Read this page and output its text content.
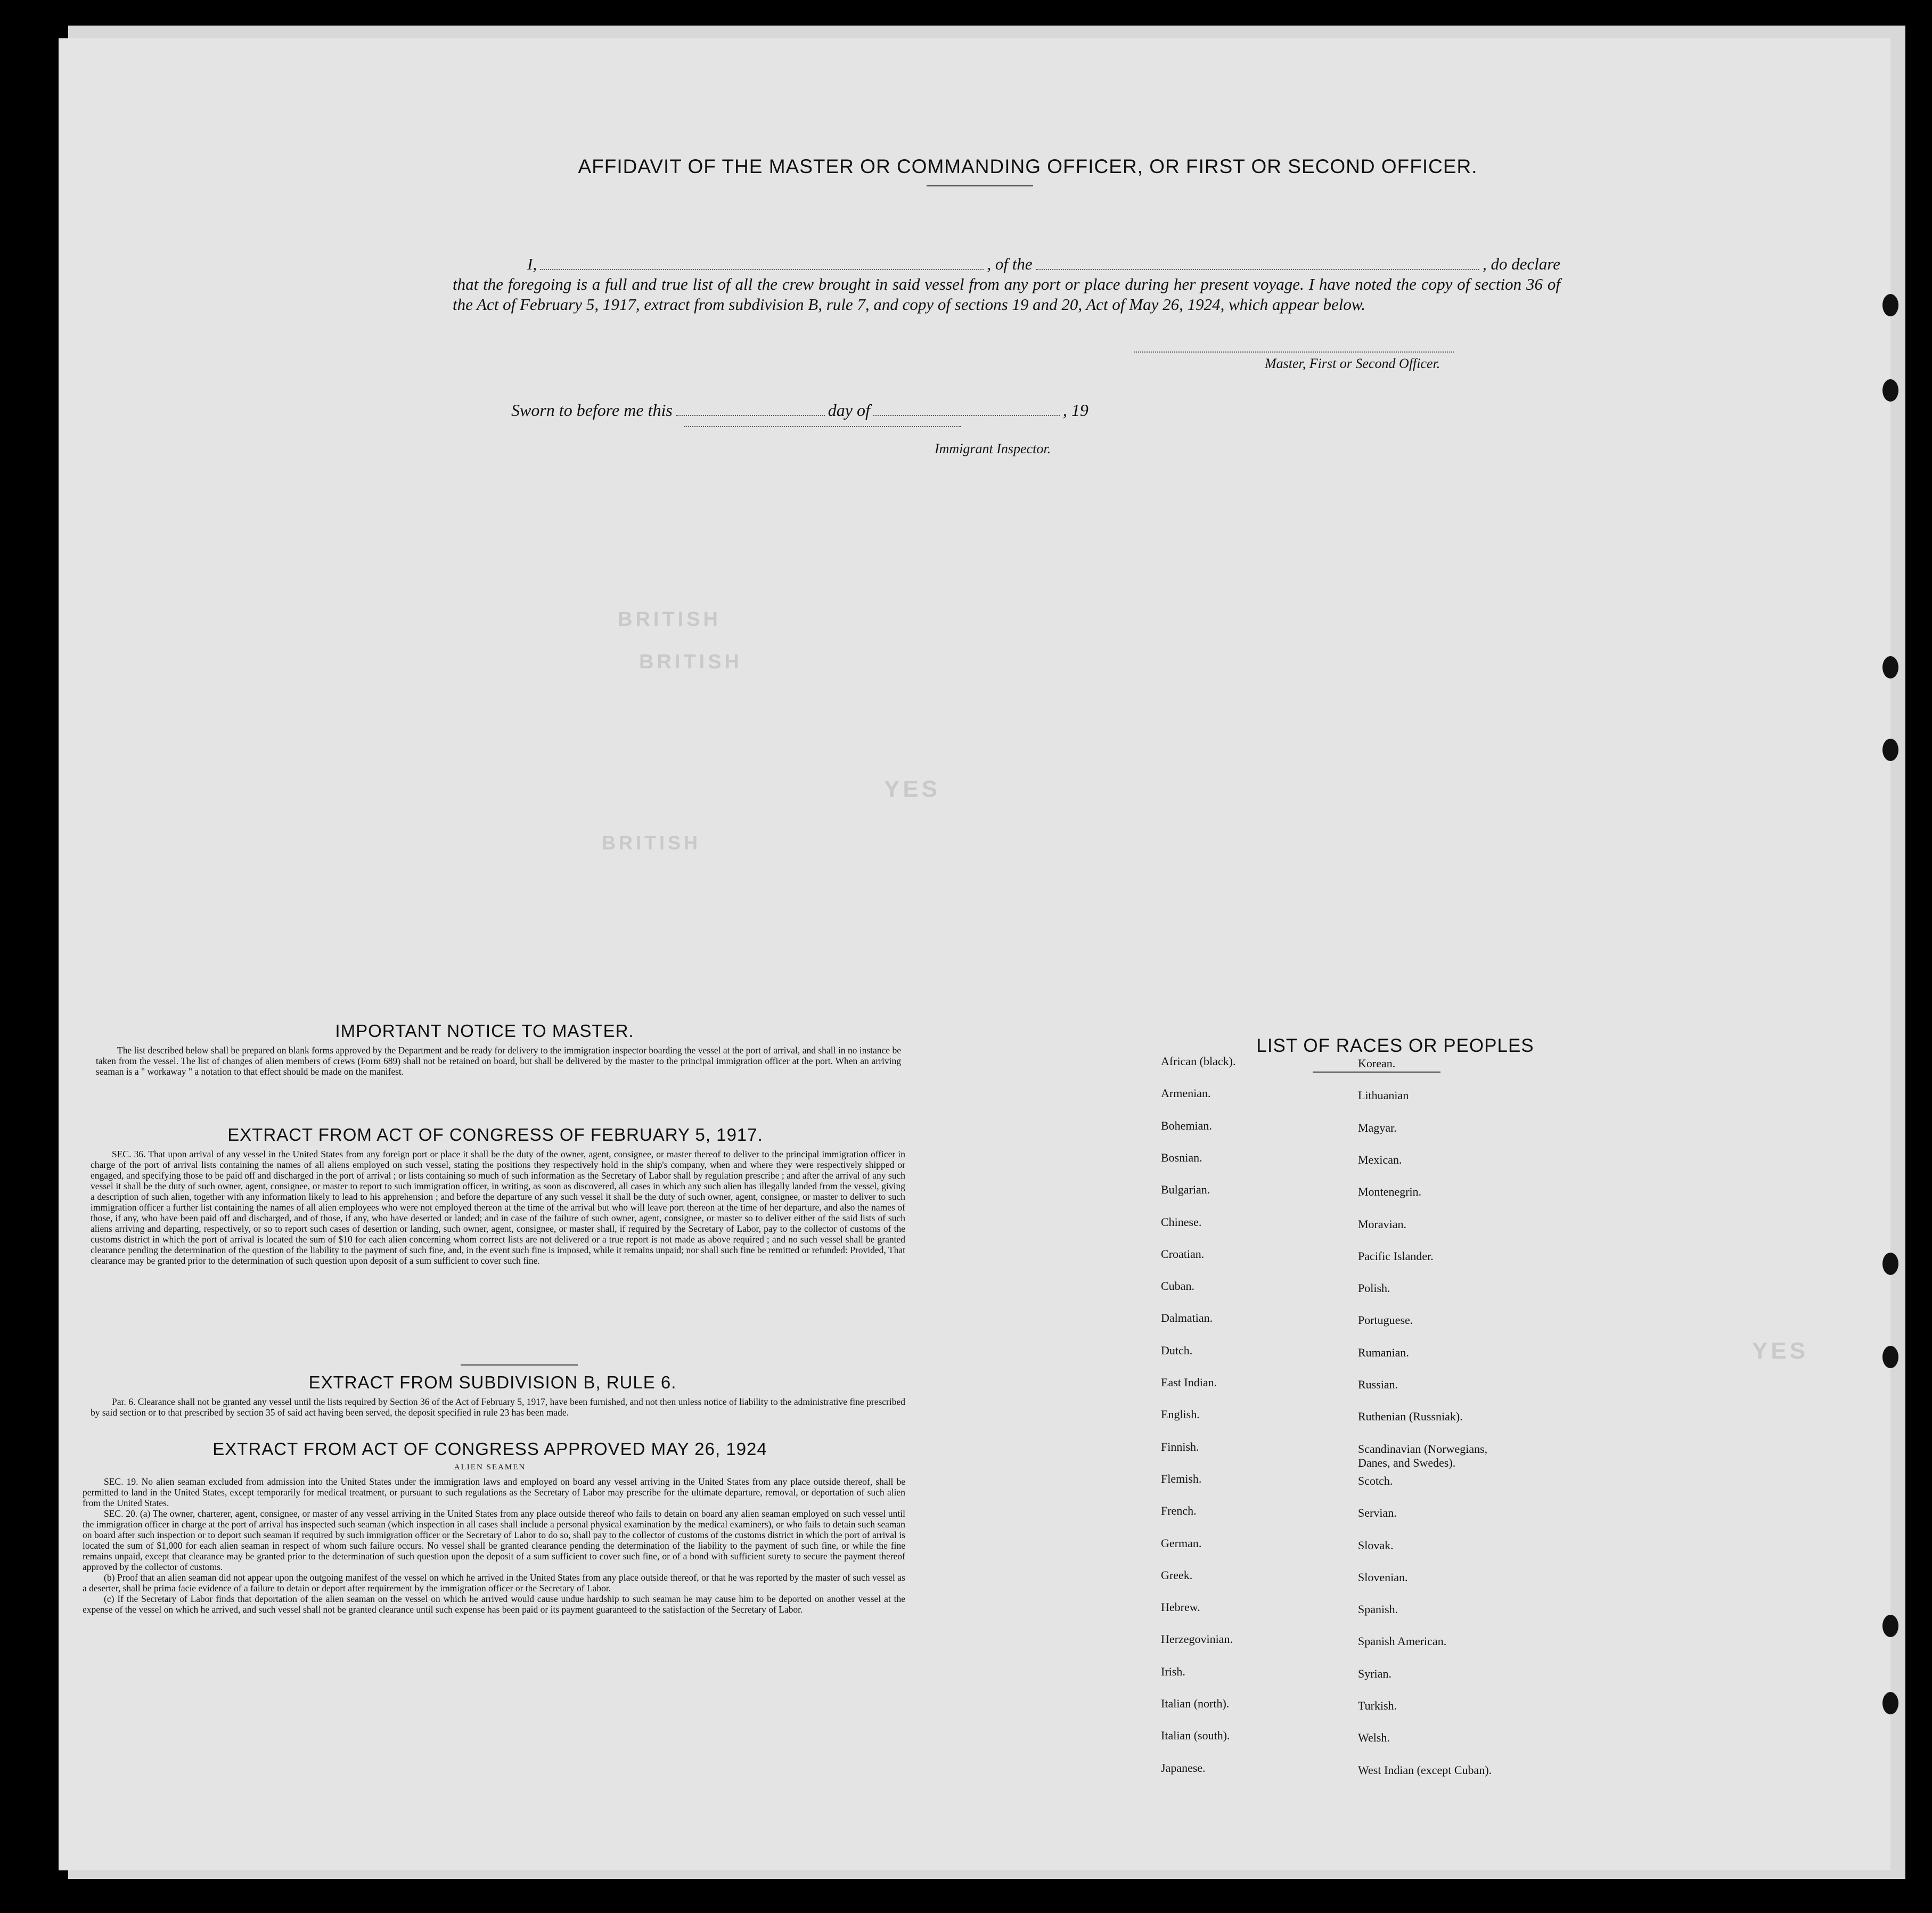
BRITISH
BRITISH
YES
BRITISH
YES
AFFIDAVIT OF THE MASTER OR COMMANDING OFFICER, OR FIRST OR SECOND OFFICER.
I,	, of the	, do declare
that the foregoing is a full and true list of all the crew brought in said vessel from any port or place during her present voyage. I have noted the copy of section 36 of the Act of February 5, 1917, extract from subdivision B, rule 7, and copy of sections 19 and 20, Act of May 26, 1924, which appear below.
Master, First or Second Officer.
Sworn to before me this	day of	, 19
Immigrant Inspector.
IMPORTANT NOTICE TO MASTER.
The list described below shall be prepared on blank forms approved by the Department and be ready for delivery to the immigration inspector boarding the vessel at the port of arrival, and shall in no instance be taken from the vessel. The list of changes of alien members of crews (Form 689) shall not be retained on board, but shall be delivered by the master to the principal immigration officer at the port. When an arriving seaman is a " workaway " a notation to that effect should be made on the manifest.
EXTRACT FROM ACT OF CONGRESS OF FEBRUARY 5, 1917.
SEC. 36. That upon arrival of any vessel in the United States from any foreign port or place it shall be the duty of the owner, agent, consignee, or master thereof to deliver to the principal immigration officer in charge of the port of arrival lists containing the names of all aliens employed on such vessel, stating the positions they respectively hold in the ship's company, when and where they were respectively shipped or engaged, and specifying those to be paid off and discharged in the port of arrival ; or lists containing so much of such information as the Secretary of Labor shall by regulation prescribe ; and after the arrival of any such vessel it shall be the duty of such owner, agent, consignee, or master to report to such immigration officer, in writing, as soon as discovered, all cases in which any such alien has illegally landed from the vessel, giving a description of such alien, together with any information likely to lead to his apprehension ; and before the departure of any such vessel it shall be the duty of such owner, agent, consignee, or master to deliver to such immigration officer a further list containing the names of all alien employees who were not employed thereon at the time of the arrival but who will leave port thereon at the time of her departure, and also the names of those, if any, who have been paid off and discharged, and of those, if any, who have deserted or landed; and in case of the failure of such owner, agent, consignee, or master so to deliver either of the said lists of such aliens arriving and departing, respectively, or so to report such cases of desertion or landing, such owner, agent, consignee, or master shall, if required by the Secretary of Labor, pay to the collector of customs of the customs district in which the port of arrival is located the sum of $10 for each alien concerning whom correct lists are not delivered or a true report is not made as above required ; and no such vessel shall be granted clearance pending the determination of the question of the liability to the payment of such fine, and, in the event such fine is imposed, while it remains unpaid; nor shall such fine be remitted or refunded: Provided, That clearance may be granted prior to the determination of such question upon deposit of a sum sufficient to cover such fine.
EXTRACT FROM SUBDIVISION B, RULE 6.
Par. 6. Clearance shall not be granted any vessel until the lists required by Section 36 of the Act of February 5, 1917, have been furnished, and not then unless notice of liability to the administrative fine prescribed by said section or to that prescribed by section 35 of said act having been served, the deposit specified in rule 23 has been made.
EXTRACT FROM ACT OF CONGRESS APPROVED MAY 26, 1924
ALIEN SEAMEN
SEC. 19. No alien seaman excluded from admission into the United States under the immigration laws and employed on board any vessel arriving in the United States from any place outside thereof, shall be permitted to land in the United States, except temporarily for medical treatment, or pursuant to such regulations as the Secretary of Labor may prescribe for the ultimate departure, removal, or deportation of such alien from the United States.
SEC. 20. (a) The owner, charterer, agent, consignee, or master of any vessel arriving in the United States from any place outside thereof who fails to detain on board any alien seaman employed on such vessel until the immigration officer in charge at the port of arrival has inspected such seaman (which inspection in all cases shall include a personal physical examination by the medical examiners), or who fails to detain such seaman on board after such inspection or to deport such seaman if required by such immigration officer or the Secretary of Labor to do so, shall pay to the collector of customs of the customs district in which the port of arrival is located the sum of $1,000 for each alien seaman in respect of whom such failure occurs. No vessel shall be granted clearance pending the determination of the liability to the payment of such fine, or while the fine remains unpaid, except that clearance may be granted prior to the determination of such question upon the deposit of a sum sufficient to cover such fine, or of a bond with sufficient surety to secure the payment thereof approved by the collector of customs.
(b) Proof that an alien seaman did not appear upon the outgoing manifest of the vessel on which he arrived in the United States from any place outside thereof, or that he was reported by the master of such vessel as a deserter, shall be prima facie evidence of a failure to detain or deport after requirement by the immigration officer or the Secretary of Labor.
(c) If the Secretary of Labor finds that deportation of the alien seaman on the vessel on which he arrived would cause undue hardship to such seaman he may cause him to be deported on another vessel at the expense of the vessel on which he arrived, and such vessel shall not be granted clearance until such expense has been paid or its payment guaranteed to the satisfaction of the Secretary of Labor.
LIST OF RACES OR PEOPLES
African (black).
Armenian.
Bohemian.
Bosnian.
Bulgarian.
Chinese.
Croatian.
Cuban.
Dalmatian.
Dutch.
East Indian.
English.
Finnish.
Flemish.
French.
German.
Greek.
Hebrew.
Herzegovinian.
Irish.
Italian (north).
Italian (south).
Japanese.
Korean.
Lithuanian
Magyar.
Mexican.
Montenegrin.
Moravian.
Pacific Islander.
Polish.
Portuguese.
Rumanian.
Russian.
Ruthenian (Russniak).
Scandinavian (Norwegians,
Danes, and Swedes).
Scotch.
Servian.
Slovak.
Slovenian.
Spanish.
Spanish American.
Syrian.
Turkish.
Welsh.
West Indian (except Cuban).
